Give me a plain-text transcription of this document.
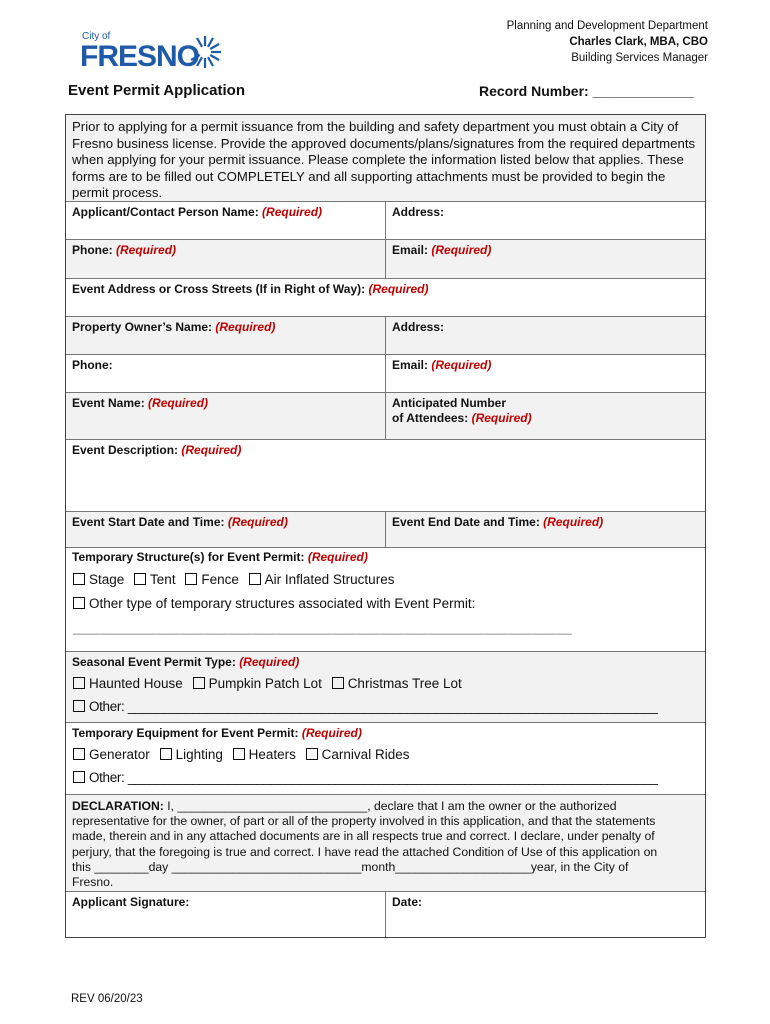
City of
FRESNO
Planning and Development Department
Charles Clark, MBA, CBO
Building Services Manager
Event Permit Application	Record Number: _____________
Prior to applying for a permit issuance from the building and safety department you must obtain a City of Fresno business license. Provide the approved documents/plans/signatures from the required departments when applying for your permit issuance. Please complete the information listed below that applies. These forms are to be filled out COMPLETELY and all supporting attachments must be provided to begin the permit process.
Applicant/Contact Person Name: (Required)	Address:
Phone: (Required)	Email: (Required)
Event Address or Cross Streets (If in Right of Way): (Required)
Property Owner’s Name: (Required)	Address:
Phone:	Email: (Required)
Event Name: (Required)	Anticipated Number
of Attendees: (Required)
Event Description: (Required)
Event Start Date and Time: (Required)	Event End Date and Time: (Required)
Temporary Structure(s) for Event Permit: (Required)
Stage Tent Fence Air Inflated Structures
Other type of temporary structures associated with Event Permit:
__________________________________________________________________________________
Seasonal Event Permit Type: (Required)
Haunted House Pumpkin Patch Lot Christmas Tree Lot
Other: __________________________________________________________________________
Temporary Equipment for Event Permit: (Required)
Generator Lighting Heaters Carnival Rides
Other: __________________________________________________________________________
DECLARATION: I, ____________________________, declare that I am the owner or the authorized
representative for the owner, of part or all of the property involved in this application, and that the statements
made, therein and in any attached documents are in all respects true and correct. I declare, under penalty of
perjury, that the foregoing is true and correct. I have read the attached Condition of Use of this application on
this ________day ____________________________month____________________year, in the City of
Fresno.
Applicant Signature:	Date:
REV 06/20/23
